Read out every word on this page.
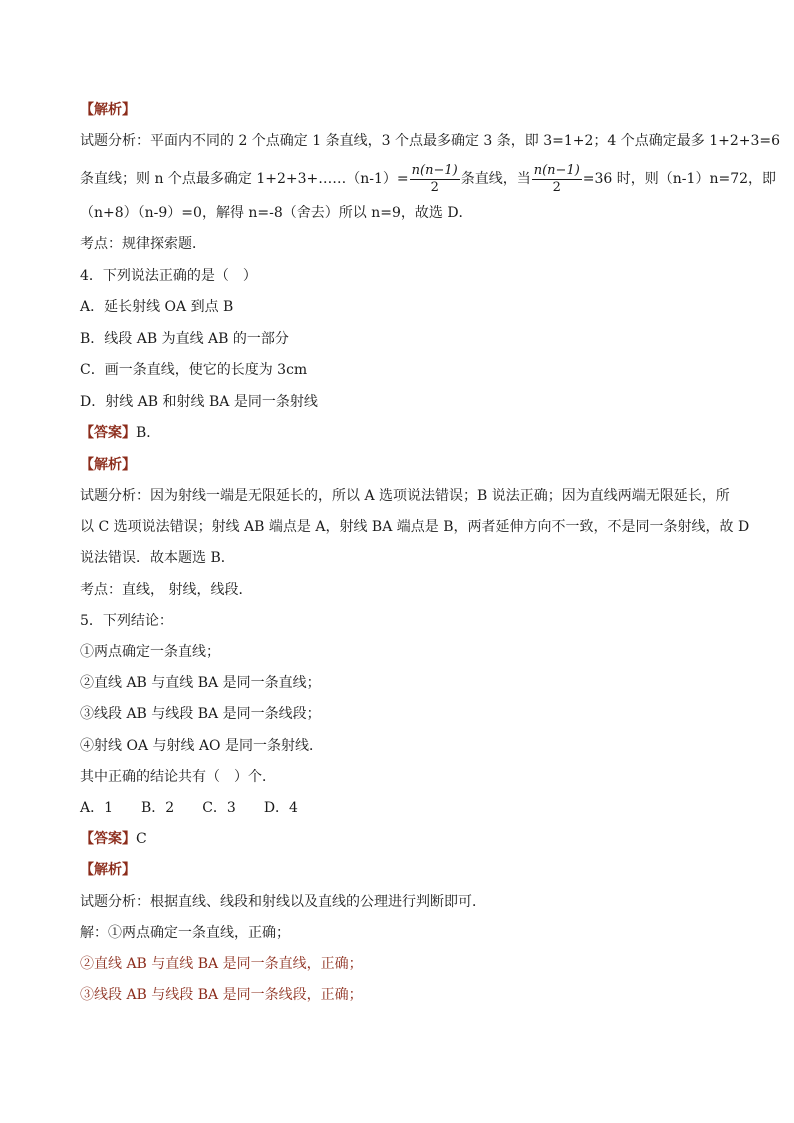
【解析】
试题分析：平面内不同的 2 个点确定 1 条直线，3 个点最多确定 3 条，即 3=1+2；4 个点确定最多 1+2+3=6
条直线；则 n 个点最多确定 1+2+3+……（n-1）= $\frac{n(n-1)}{2}$ 条直线，当 $\frac{n(n-1)}{2} =36$ 时，则（n-1）n=72，即
（n+8）（n-9）=0，解得 n=-8（舍去）所以 n=9，故选 D．
考点：规律探索题．
4．下列说法正确的是（　）
A．延长射线 OA 到点 B
B．线段 AB 为直线 AB 的一部分
C．画一条直线，使它的长度为 3cm
D．射线 AB 和射线 BA 是同一条射线
【答案】B．
【解析】
试题分析：因为射线一端是无限延长的，所以 A 选项说法错误；B 说法正确；因为直线两端无限延长，所
以 C 选项说法错误；射线 AB 端点是 A，射线 BA 端点是 B，两者延伸方向不一致，不是同一条射线，故 D
说法错误．故本题选 B．
考点：直线， 射线，线段．
5．下列结论：
①两点确定一条直线；
②直线 AB 与直线 BA 是同一条直线；
③线段 AB 与线段 BA 是同一条线段；
④射线 OA 与射线 AO 是同一条射线．
其中正确的结论共有（　）个．
A．1　　B．2　　C．3　　D．4
【答案】C
【解析】
试题分析：根据直线、线段和射线以及直线的公理进行判断即可．
解：①两点确定一条直线，正确；
②直线 AB 与直线 BA 是同一条直线，正确；
③线段 AB 与线段 BA 是同一条线段，正确；
